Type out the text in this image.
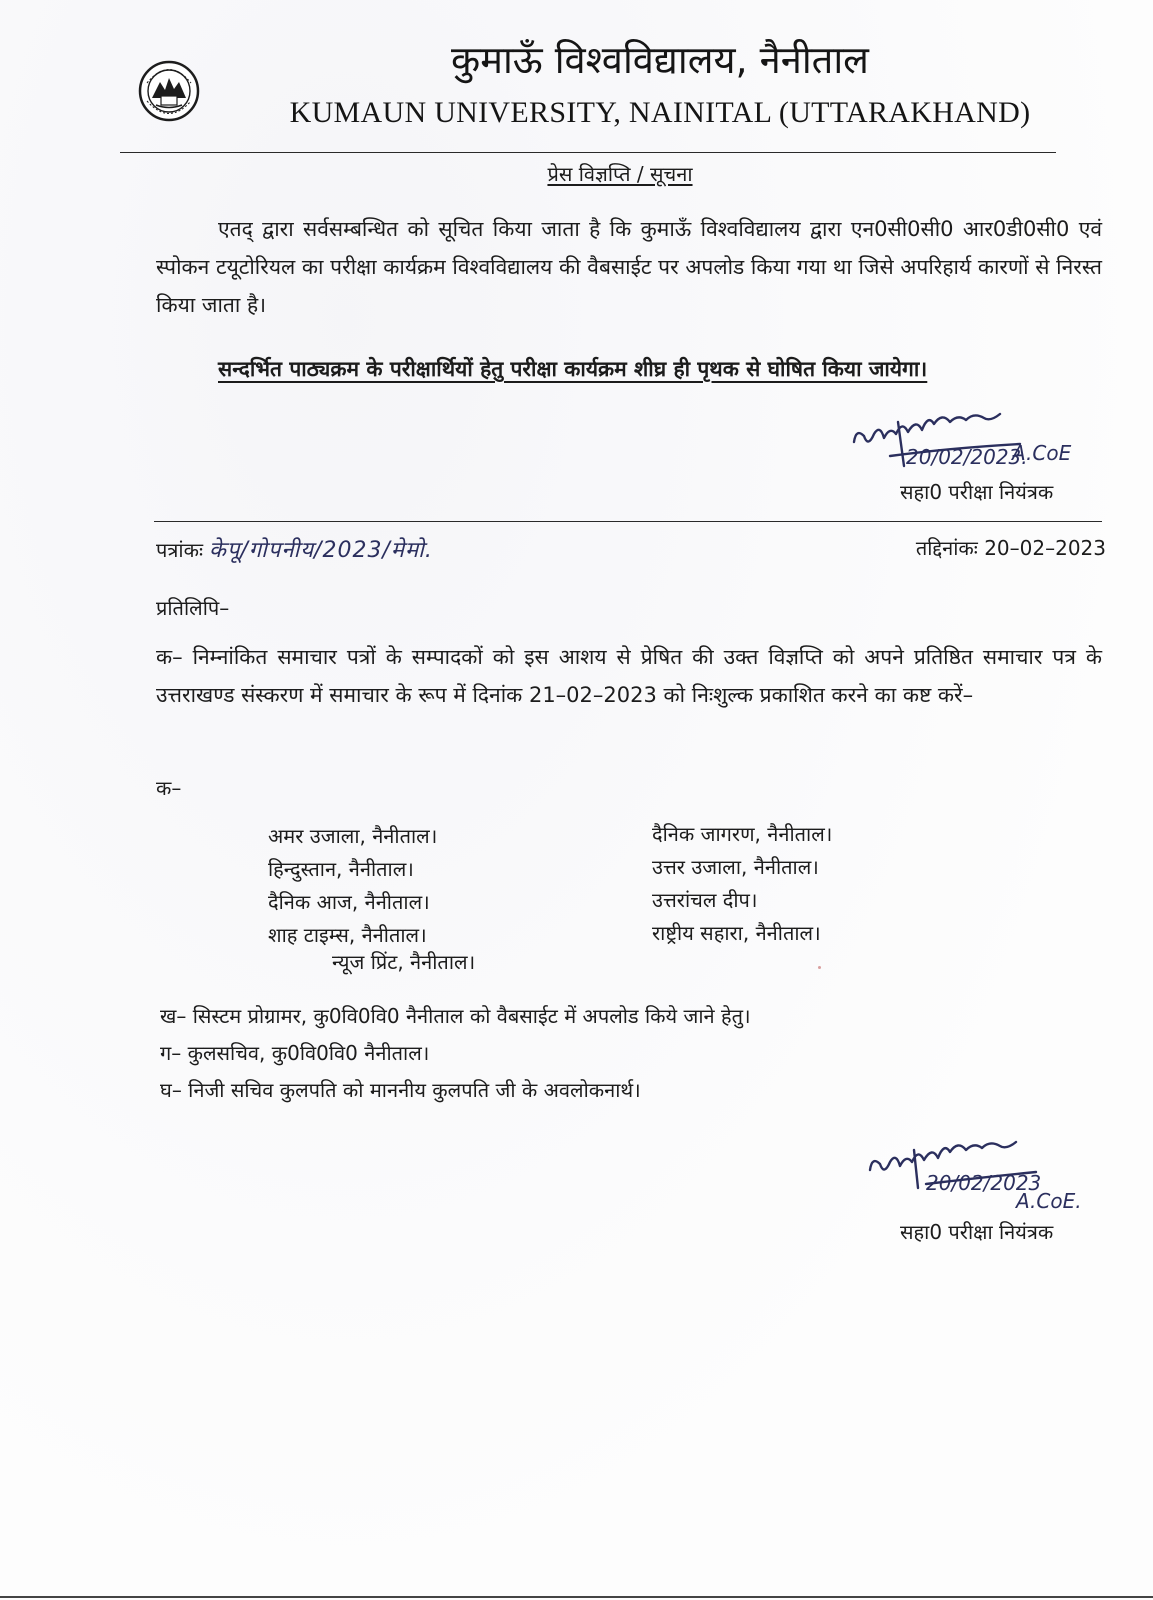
कुमाऊँ विश्वविद्यालय, नैनीताल
KUMAUN UNIVERSITY, NAINITAL (UTTARAKHAND)
प्रेस विज्ञप्ति / सूचना
एतद् द्वारा सर्वसम्बन्धित को सूचित किया जाता है कि कुमाऊँ विश्वविद्यालय द्वारा एन0सी0सी0 आर0डी0सी0 एवं स्पोकन टयूटोरियल का परीक्षा कार्यक्रम विश्वविद्यालय की वैबसाईट पर अपलोड किया गया था जिसे अपरिहार्य कारणों से निरस्त किया जाता है।
सन्दर्भित पाठ्यक्रम के परीक्षार्थियों हेतु परीक्षा कार्यक्रम शीघ्र ही पृथक से घोषित किया जायेगा।
20/02/2023.
A.CoE
सहा0 परीक्षा नियंत्रक
पत्रांकः केपू/गोपनीय/2023/मेमो.	तद्दिनांकः 20–02–2023
प्रतिलिपि–
क– निम्नांकित समाचार पत्रों के सम्पादकों को इस आशय से प्रेषित की उक्त विज्ञप्ति को अपने प्रतिष्ठित समाचार पत्र के उत्तराखण्ड संस्करण में समाचार के रूप में दिनांक 21–02–2023 को निःशुल्क प्रकाशित करने का कष्ट करें–
क–
अमर उजाला, नैनीताल।
हिन्दुस्तान, नैनीताल।
दैनिक आज, नैनीताल।
शाह टाइम्स, नैनीताल।
दैनिक जागरण, नैनीताल।
उत्तर उजाला, नैनीताल।
उत्तरांचल दीप।
राष्ट्रीय सहारा, नैनीताल।
न्यूज प्रिंट, नैनीताल।
ख– सिस्टम प्रोग्रामर, कु0वि0वि0 नैनीताल को वैबसाईट में अपलोड किये जाने हेतु।
ग– कुलसचिव, कु0वि0वि0 नैनीताल।
घ– निजी सचिव कुलपति को माननीय कुलपति जी के अवलोकनार्थ।
20/02/2023
A.CoE.
सहा0 परीक्षा नियंत्रक
